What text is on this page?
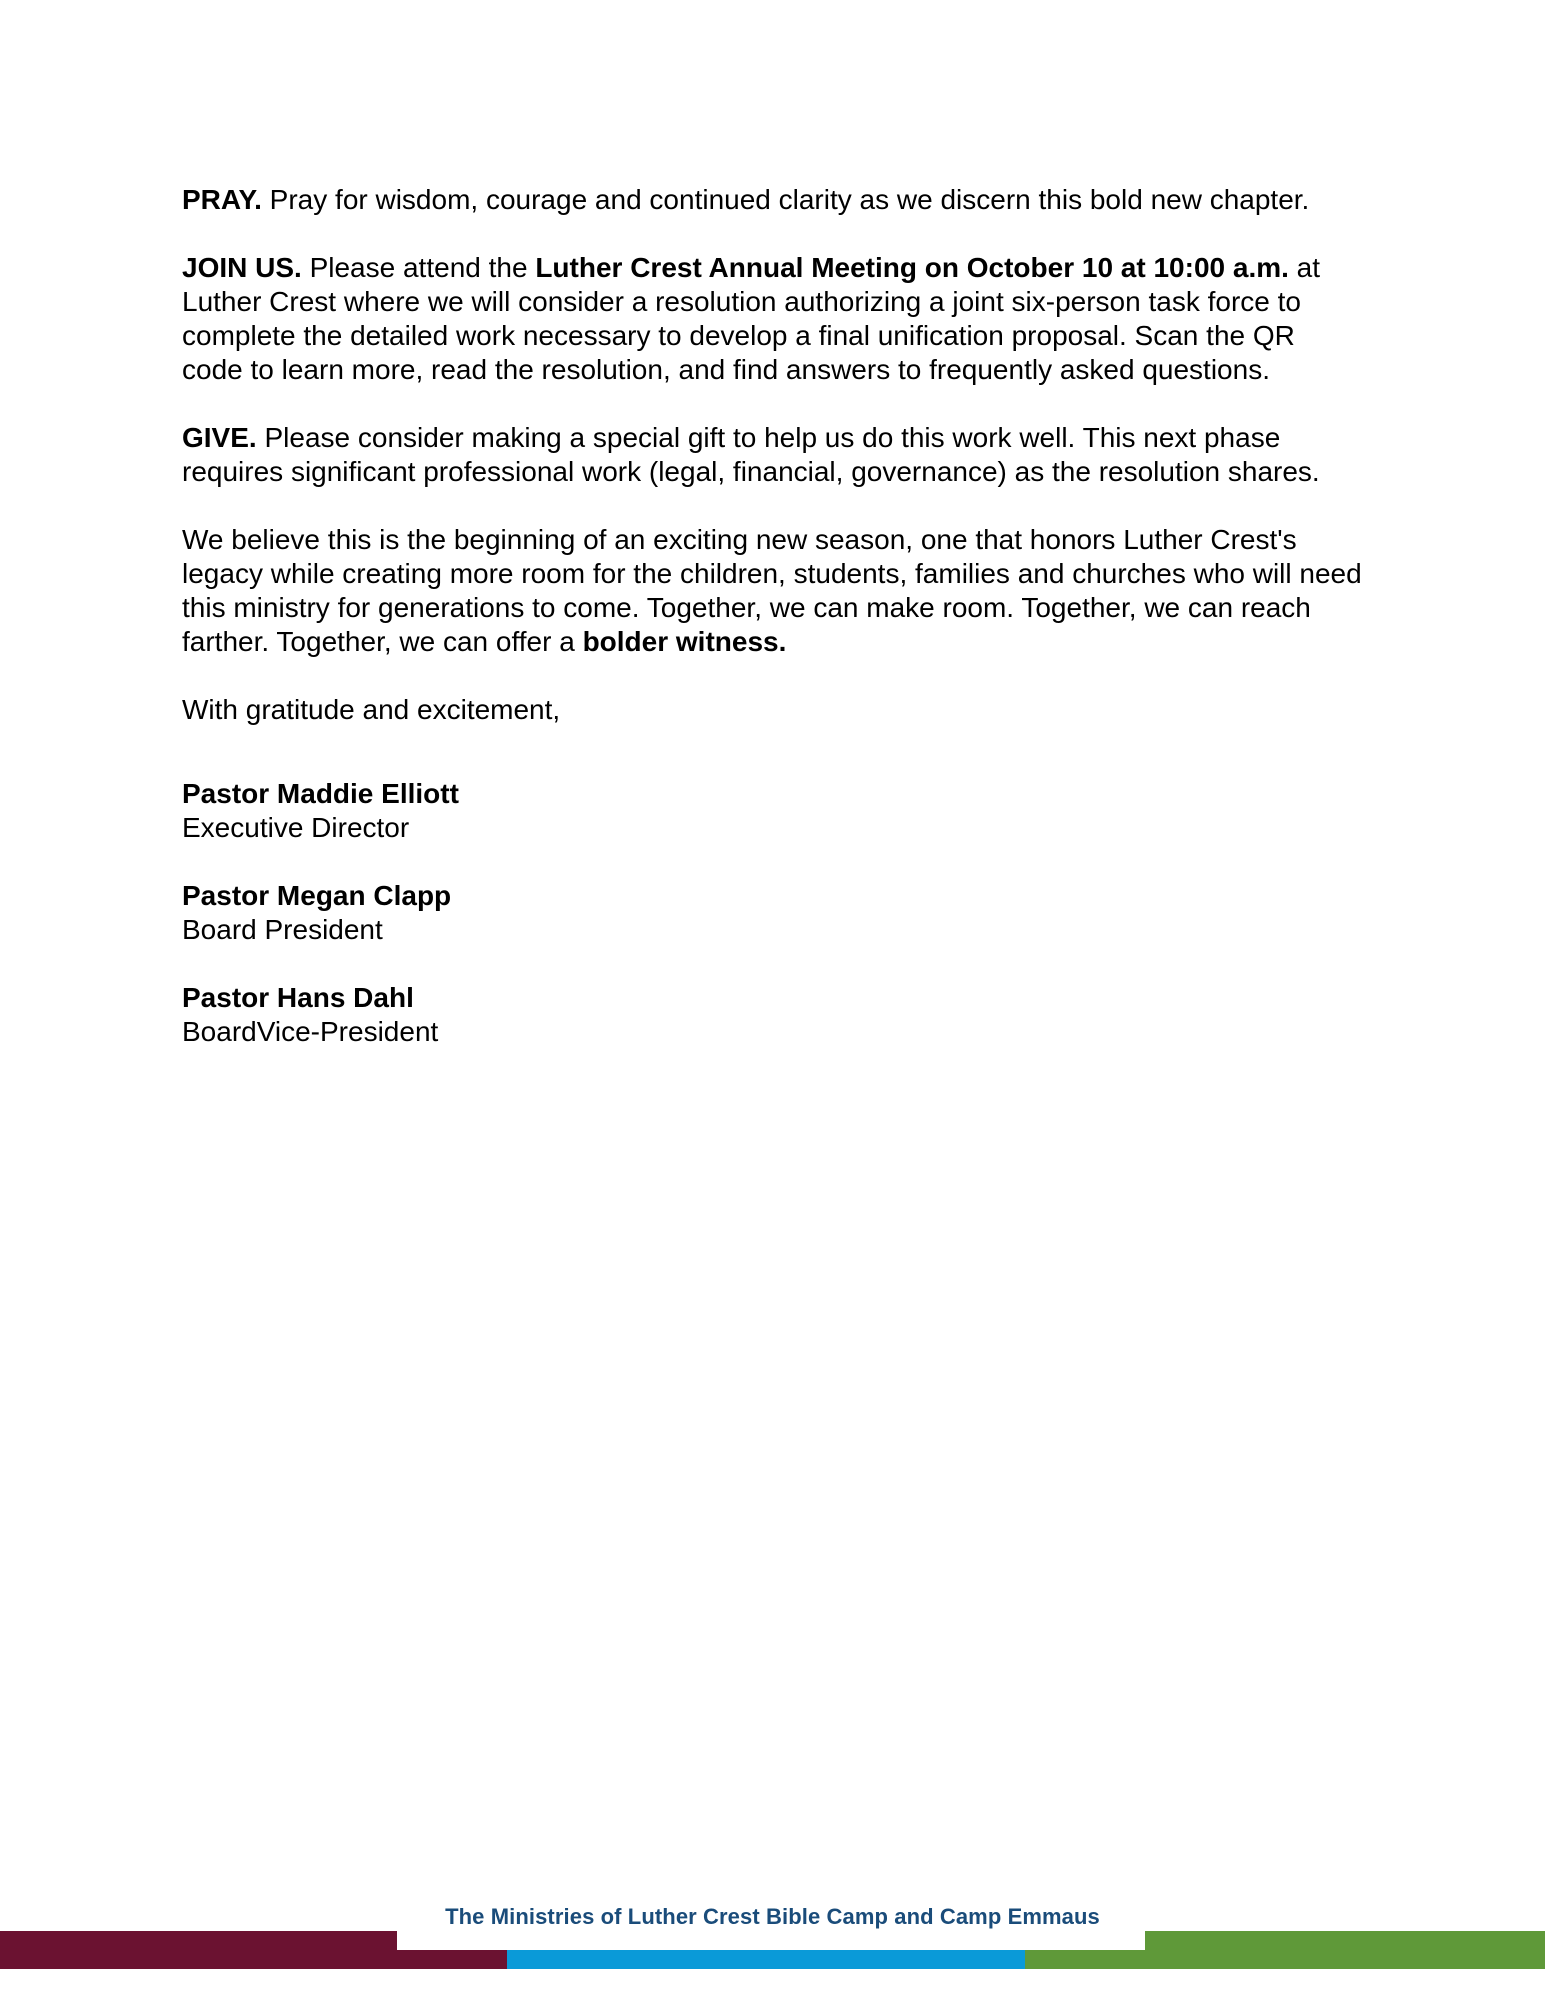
PRAY. Pray for wisdom, courage and continued clarity as we discern this bold new chapter.

JOIN US. Please attend the Luther Crest Annual Meeting on October 10 at 10:00 a.m. at Luther Crest where we will consider a resolution authorizing a joint six-person task force to complete the detailed work necessary to develop a final unification proposal. Scan the QR code to learn more, read the resolution, and find answers to frequently asked questions.

GIVE. Please consider making a special gift to help us do this work well. This next phase
requires significant professional work (legal, financial, governance) as the resolution shares.

We believe this is the beginning of an exciting new season, one that honors Luther Crest's legacy while creating more room for the children, students, families and churches who will need this ministry for generations to come. Together, we can make room. Together, we can reach farther. Together, we can offer a bolder witness.

With gratitude and excitement,

Pastor Maddie Elliott
Executive Director
Pastor Megan Clapp
Board President
Pastor Hans Dahl
BoardVice-President
The Ministries of Luther Crest Bible Camp and Camp Emmaus
